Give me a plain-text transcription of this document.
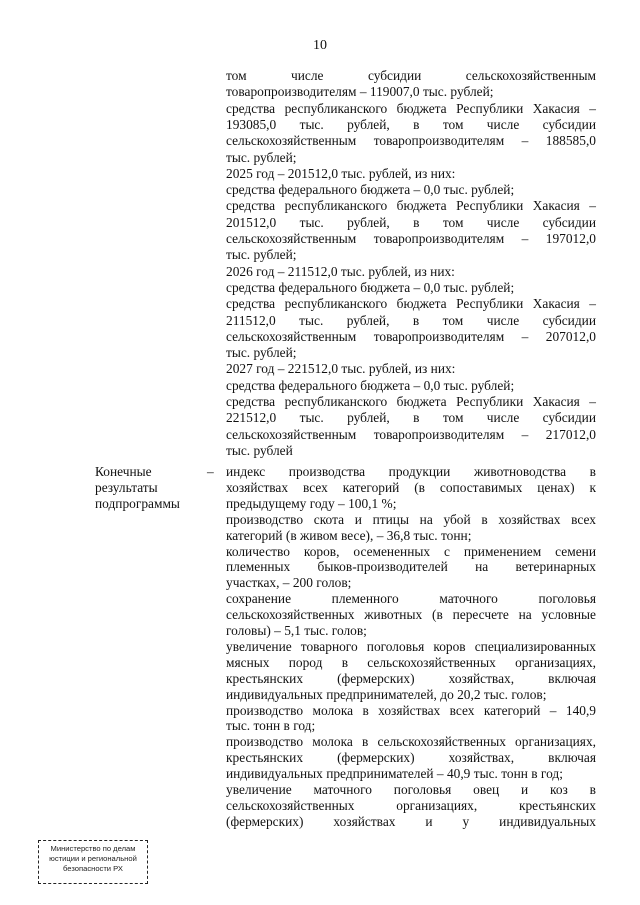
10
том числе субсидии сельскохозяйственным
товаропроизводителям – 119007,0 тыс. рублей;
средства республиканского бюджета Республики Хакасия –
193085,0 тыс. рублей, в том числе субсидии
сельскохозяйственным товаропроизводителям – 188585,0
тыс. рублей;
2025 год – 201512,0 тыс. рублей, из них:
средства федерального бюджета – 0,0 тыс. рублей;
средства республиканского бюджета Республики Хакасия –
201512,0 тыс. рублей, в том числе субсидии
сельскохозяйственным товаропроизводителям – 197012,0
тыс. рублей;
2026 год – 211512,0 тыс. рублей, из них:
средства федерального бюджета – 0,0 тыс. рублей;
средства республиканского бюджета Республики Хакасия –
211512,0 тыс. рублей, в том числе субсидии
сельскохозяйственным товаропроизводителям – 207012,0
тыс. рублей;
2027 год – 221512,0 тыс. рублей, из них:
средства федерального бюджета – 0,0 тыс. рублей;
средства республиканского бюджета Республики Хакасия –
221512,0 тыс. рублей, в том числе субсидии
сельскохозяйственным товаропроизводителям – 217012,0
тыс. рублей
Конечные результаты подпрограммы
– индекс производства продукции животноводства в
хозяйствах всех категорий (в сопоставимых ценах) к
предыдущему году – 100,1 %;
производство скота и птицы на убой в хозяйствах всех
категорий (в живом весе), – 36,8 тыс. тонн;
количество коров, осемененных с применением семени
племенных быков-производителей на ветеринарных
участках, – 200 голов;
сохранение племенного маточного поголовья
сельскохозяйственных животных (в пересчете на условные
головы) – 5,1 тыс. голов;
увеличение товарного поголовья коров специализированных
мясных пород в сельскохозяйственных организациях,
крестьянских (фермерских) хозяйствах, включая
индивидуальных предпринимателей, до 20,2 тыс. голов;
производство молока в хозяйствах всех категорий – 140,9
тыс. тонн в год;
производство молока в сельскохозяйственных организациях,
крестьянских (фермерских) хозяйствах, включая
индивидуальных предпринимателей – 40,9 тыс. тонн в год;
увеличение маточного поголовья овец и коз в
сельскохозяйственных организациях, крестьянских
(фермерских) хозяйствах и у индивидуальных
Министерство по делам
юстиции и региональной
безопасности РХ
